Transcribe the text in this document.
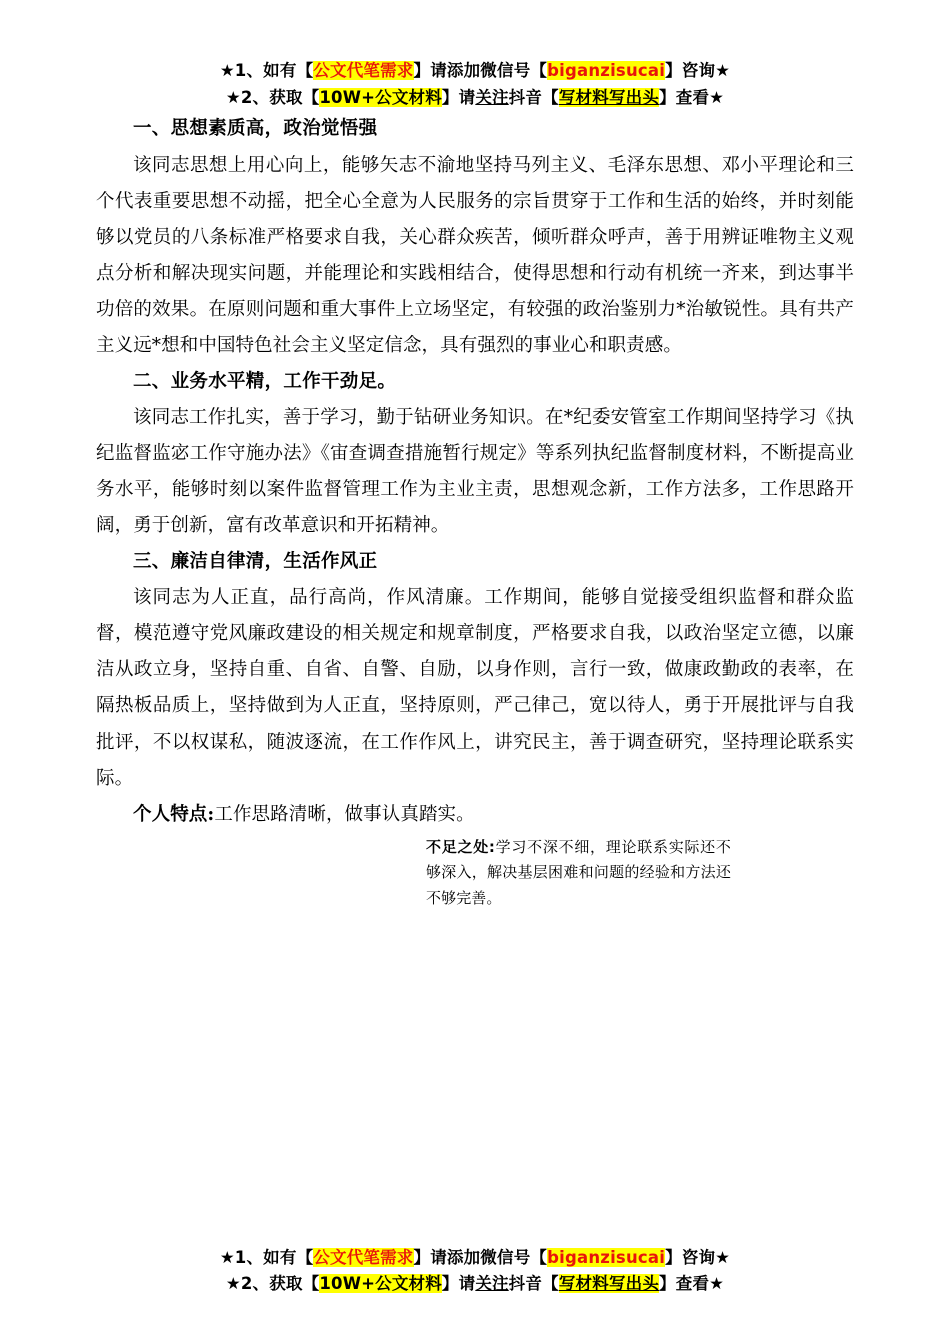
★1、如有【公文代笔需求】请添加微信号【biganzisucai】咨询★
★2、获取【10W+公文材料】请关注抖音【写材料写出头】查看★
一、思想素质高，政治觉悟强
该同志思想上用心向上，能够矢志不渝地坚持马列主义、毛泽东思想、邓小平理论和三个代表重要思想不动摇，把全心全意为人民服务的宗旨贯穿于工作和生活的始终，并时刻能够以党员的八条标准严格要求自我，关心群众疾苦，倾听群众呼声，善于用辨证唯物主义观点分析和解决现实问题，并能理论和实践相结合，使得思想和行动有机统一齐来，到达事半功倍的效果。在原则问题和重大事件上立场坚定，有较强的政治鉴别力*治敏锐性。具有共产主义远*想和中国特色社会主义坚定信念，具有强烈的事业心和职责感。
二、业务水平精，工作干劲足。
该同志工作扎实，善于学习，勤于钻研业务知识。在*纪委安管室工作期间坚持学习《执纪监督监宓工作守施办法》《宙查调查措施暂行规定》等系列执纪监督制度材料，不断提高业务水平，能够时刻以案件监督管理工作为主业主责，思想观念新，工作方法多，工作思路开阔，勇于创新，富有改革意识和开拓精神。
三、廉洁自律清，生活作风正
该同志为人正直，品行高尚，作风清廉。工作期间，能够自觉接受组织监督和群众监督，模范遵守党风廉政建设的相关规定和规章制度，严格要求自我，以政治坚定立德，以廉洁从政立身，坚持自重、自省、自警、自励，以身作则，言行一致，做康政勤政的表率，在隔热板品质上，坚持做到为人正直，坚持原则，严己律己，宽以待人，勇于开展批评与自我批评，不以权谋私，随波逐流，在工作作风上，讲究民主，善于调查研究，坚持理论联系实际。
个人特点:工作思路清晰，做事认真踏实。
不足之处:学习不深不细，理论联系实际还不够深入，解决基层困难和问题的经验和方法还不够完善。
★1、如有【公文代笔需求】请添加微信号【biganzisucai】咨询★
★2、获取【10W+公文材料】请关注抖音【写材料写出头】查看★
